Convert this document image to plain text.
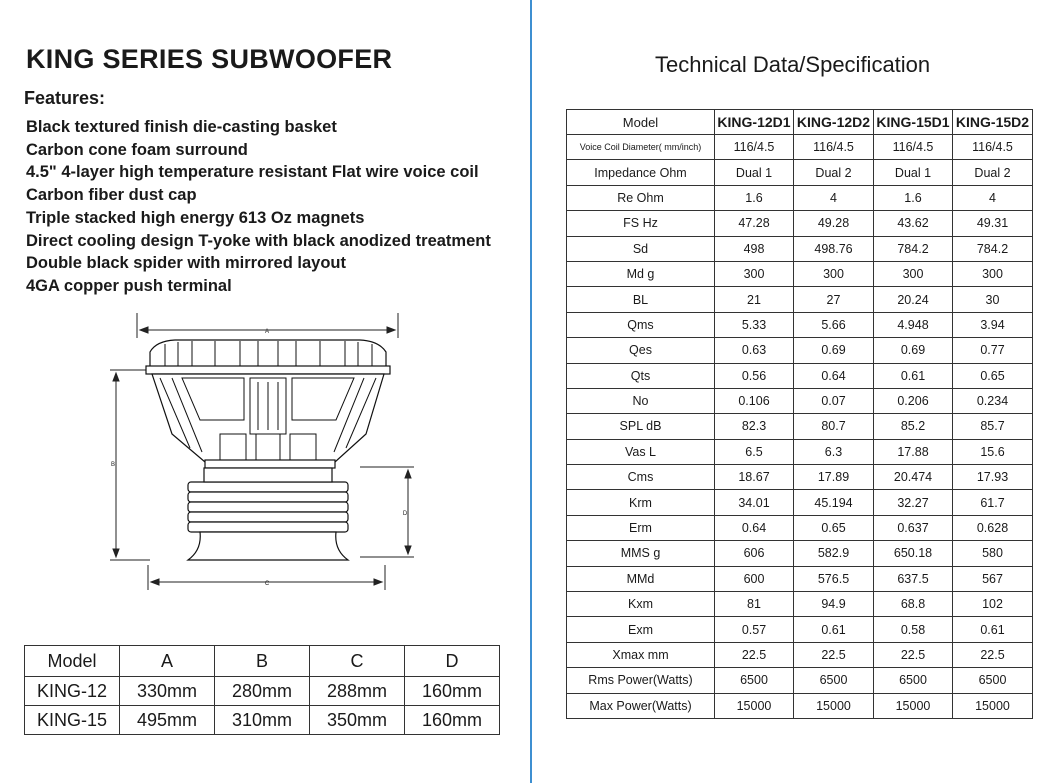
KING SERIES SUBWOOFER
Features:
Black textured finish die-casting basket
Carbon cone foam surround
4.5" 4-layer high temperature resistant Flat wire voice coil
Carbon fiber dust cap
Triple stacked high energy 613 Oz magnets
Direct cooling design T-yoke with black anodized treatment
Double black spider with mirrored layout
4GA copper push terminal
A
B
C
D
Model	A	B	C	D
KING-12	330mm	280mm	288mm	160mm
KING-15	495mm	310mm	350mm	160mm
Technical Data/Specification
Model	KING-12D1	KING-12D2	KING-15D1	KING-15D2
Voice Coil Diameter( mm/inch)	116/4.5	116/4.5	116/4.5	116/4.5
Impedance Ohm	Dual 1	Dual 2	Dual 1	Dual 2
Re Ohm	1.6	4	1.6	4
FS Hz	47.28	49.28	43.62	49.31
Sd	498	498.76	784.2	784.2
Md g	300	300	300	300
BL	21	27	20.24	30
Qms	5.33	5.66	4.948	3.94
Qes	0.63	0.69	0.69	0.77
Qts	0.56	0.64	0.61	0.65
No	0.106	0.07	0.206	0.234
SPL dB	82.3	80.7	85.2	85.7
Vas L	6.5	6.3	17.88	15.6
Cms	18.67	17.89	20.474	17.93
Krm	34.01	45.194	32.27	61.7
Erm	0.64	0.65	0.637	0.628
MMS g	606	582.9	650.18	580
MMd	600	576.5	637.5	567
Kxm	81	94.9	68.8	102
Exm	0.57	0.61	0.58	0.61
Xmax mm	22.5	22.5	22.5	22.5
Rms Power(Watts)	6500	6500	6500	6500
Max Power(Watts)	15000	15000	15000	15000
